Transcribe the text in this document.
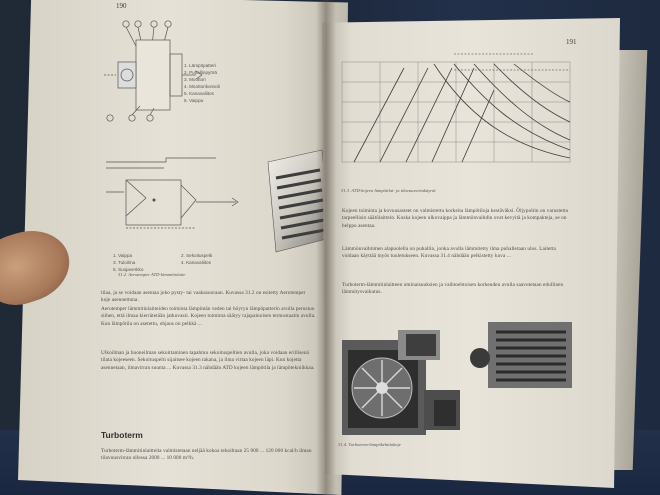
190
1. Lämpöpatteri
2. Puhallinpyörä
3. Moottori
4. Moottorikonsoli
5. Kanavaliitos
6. Vaippa
1. Vaippa	2. Sekoituspelti
3. Tuloilma	4. Kanavaliitos
5. Suojaverkko
31.2. Aerotemper ATD-lämmitinlaite
tilaa, ja se voidaan asentaa joko pysty- tai vaakasuoraan. Kuvassa 31.2 on esitetty Aerotemper koje asennettuna.
Aerotemper lämmitinlaitteiden toiminta lämpimän veden tai höyryn lämpöpatterin avulla perustuu siihen, että ilmaa kierrätetään jatkuvasti. Kojeen toiminta säätyy rajapainoisen termostaatin avulla. Kun lämpötila on asetettu, ohjaus on pelkkä ...
Ulkoilman ja huoneilman sekoittaminen tapahtuu sekoituspeltien avulla, joka voidaan erillisenä tilata kojeeseen. Sekoituspelti sijaitsee kojeen takana, ja ilma virtaa kojeen läpi. Kun kojetta asennetaan, ilmavirran suunta ... Kuvassa 31.3 nähdään ATD kojeen lämpötila ja lämpötekniikkaa.
Turboterm
Turboterm-lämmitinlaitteita valmistetaan neljää kokoa tehoiltaan 25 000 ... 120 000 kcal/h ilman tilavuusvirran ollessa 2000 ... 10 000 m³/h.
191
31.3. ATD-kojeen lämpötilat- ja tilavuusvirtakäyrät
Kojeen toiminta ja kovuusasteet on valmistettu korkeita lämpötiloja kestäväksi. Öljypoltin on varustettu tarpeellisin säätölaittein. Koska kojeen ulkovaippa ja lämmönvaihdin ovat kevyitä ja kompakteja, se on helppo asentaa.
Lämmönvaihtimen alapuolella on puhallin, jonka avulla lämmitetty ilma puhalletaan ulos. Laitetta voidaan käyttää myös tuuletukseen. Kuvassa 31.4 nähdään pelkistetty kuva ...
Turboterm-lämmitinlaitteen ominaisuuksien ja vaihtoehtoisen korkeuden avulla saavutetaan edullinen lämmitysvaikutus.
31.4. Turboterm-lämpökehitinkoje
